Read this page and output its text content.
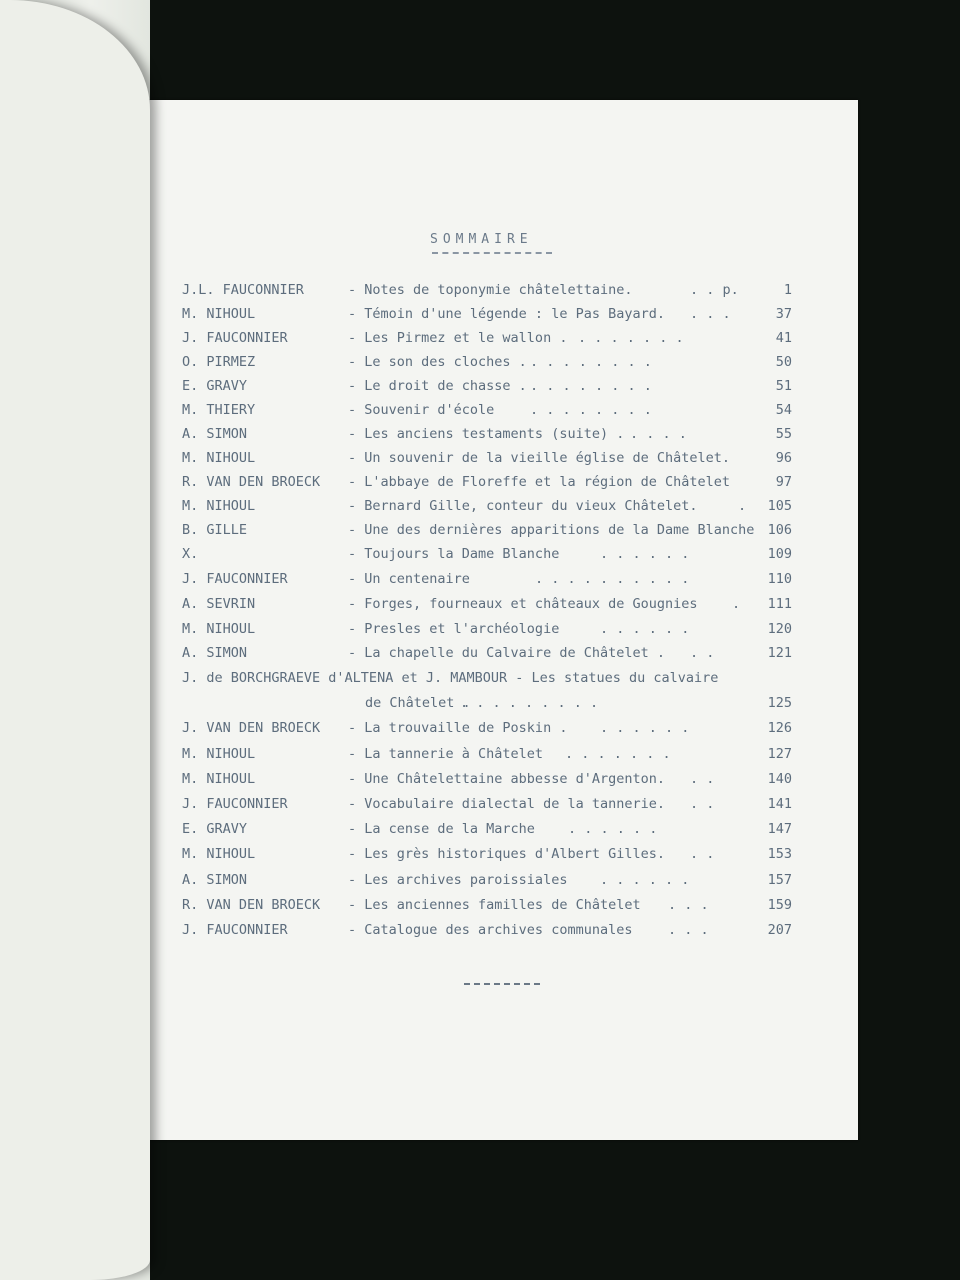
SOMMAIRE
J.L. FAUCONNIER	- Notes de toponymie châtelettaine.	. . p.	1
M. NIHOUL	- Témoin d'une légende : le Pas Bayard. . . .	37
J. FAUCONNIER	- Les Pirmez et le wallon . . . . . . . .	41
O. PIRMEZ	- Le son des cloches . . . . . . . . .	50
E. GRAVY	- Le droit de chasse . . . . . . . . .	51
M. THIERY	- Souvenir d'école	. . . . . . . .	54
A. SIMON	- Les anciens testaments (suite) . . . . .	55
M. NIHOUL	- Un souvenir de la vieille église de Châtelet.	96
R. VAN DEN BROECK - L'abbaye de Floreffe et la région de Châtelet	97
M. NIHOUL	- Bernard Gille, conteur du vieux Châtelet.	.	105
B. GILLE	- Une des dernières apparitions de la Dame Blanche 106
X.	- Toujours la Dame Blanche	. . . . . .	109
J. FAUCONNIER	- Un centenaire	. . . . . . . . . .	110
A. SEVRIN	- Forges, fourneaux et châteaux de Gougnies	.	111
M. NIHOUL	- Presles et l'archéologie	. . . . . .	120
A. SIMON	- La chapelle du Calvaire de Châtelet . . .	121
J. de BORCHGRAEVE d'ALTENA et J. MAMBOUR - Les statues du calvaire
de Châtelet .
. . . . . . . . .	125
J. VAN DEN BROECK - La trouvaille de Poskin . . . . . . .	126
M. NIHOUL	- La tannerie à Châtelet . . . . . . .	127
M. NIHOUL	- Une Châtelettaine abbesse d'Argenton. . .	140
J. FAUCONNIER	- Vocabulaire dialectal de la tannerie. . .	141
E. GRAVY	- La cense de la Marche . . . . . .	147
M. NIHOUL	- Les grès historiques d'Albert Gilles. . .	153
A. SIMON	- Les archives paroissiales . . . . . .	157
R. VAN DEN BROECK - Les anciennes familles de Châtelet . . .	159
J. FAUCONNIER	- Catalogue des archives communales	. . .	207
